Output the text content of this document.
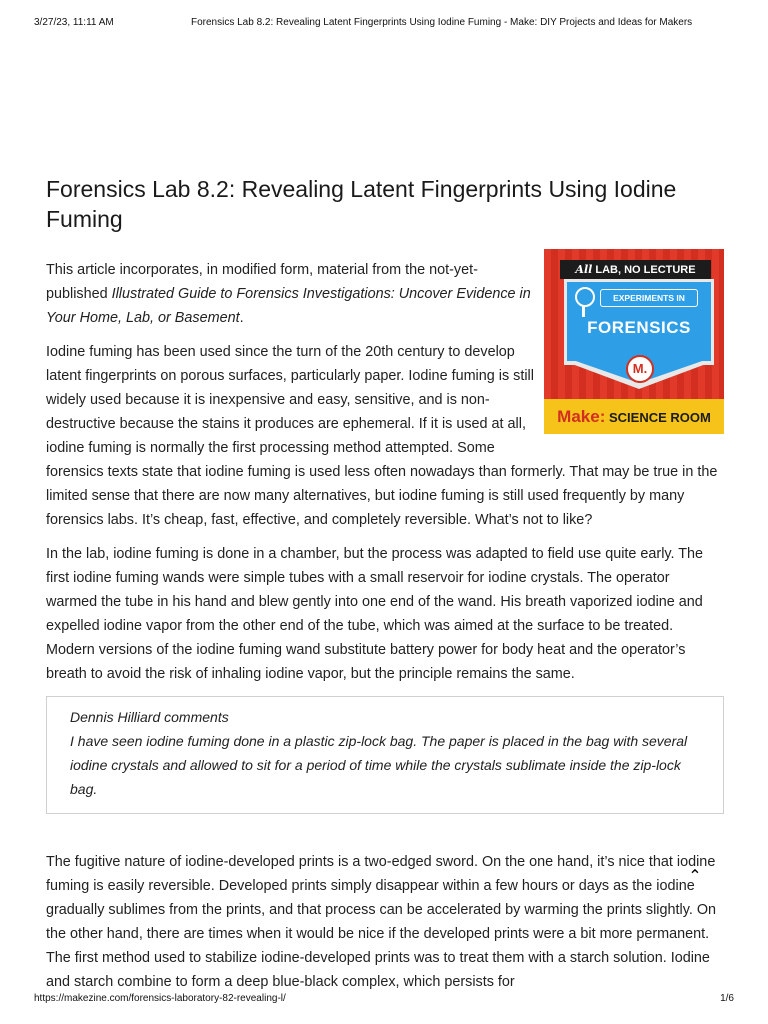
3/27/23, 11:11 AM	Forensics Lab 8.2: Revealing Latent Fingerprints Using Iodine Fuming - Make: DIY Projects and Ideas for Makers
Forensics Lab 8.2: Revealing Latent Fingerprints Using Iodine Fuming
All LAB, NO LECTURE
EXPERIMENTS IN
FORENSICS
M.
Make: SCIENCE ROOM

This article incorporates, in modified form, material from the not-yet-published Illustrated Guide to Forensics Investigations: Uncover Evidence in Your Home, Lab, or Basement.

Iodine fuming has been used since the turn of the 20th century to develop latent fingerprints on porous surfaces, particularly paper. Iodine fuming is still widely used because it is inexpensive and easy, sensitive, and is non-destructive because the stains it produces are ephemeral. If it is used at all, iodine fuming is normally the first processing method attempted. Some forensics texts state that iodine fuming is used less often nowadays than formerly. That may be true in the limited sense that there are now many alternatives, but iodine fuming is still used frequently by many forensics labs. It’s cheap, fast, effective, and completely reversible. What’s not to like?

In the lab, iodine fuming is done in a chamber, but the process was adapted to field use quite early. The first iodine fuming wands were simple tubes with a small reservoir for iodine crystals. The operator warmed the tube in his hand and blew gently into one end of the wand. His breath vaporized iodine and expelled iodine vapor from the other end of the tube, which was aimed at the surface to be treated. Modern versions of the iodine fuming wand substitute battery power for body heat and the operator’s breath to avoid the risk of inhaling iodine vapor, but the principle remains the same.

Dennis Hilliard comments
I have seen iodine fuming done in a plastic zip-lock bag. The paper is placed in the bag with several iodine crystals and allowed to sit for a period of time while the crystals sublimate inside the zip-lock bag.

The fugitive nature of iodine-developed prints is a two-edged sword. On the one hand, it’s nice that iodine fuming is easily reversible. Developed prints simply disappear within a few hours or days as the iodine gradually sublimes from the prints, and that process can be accelerated by warming the prints slightly. On the other hand, there are times when it would be nice if the developed prints were a bit more permanent. The first method used to stabilize iodine-developed prints was to treat them with a starch solution. Iodine and starch combine to form a deep blue-black complex, which persists for

⌃
https://makezine.com/forensics-laboratory-82-revealing-l/	1/6
